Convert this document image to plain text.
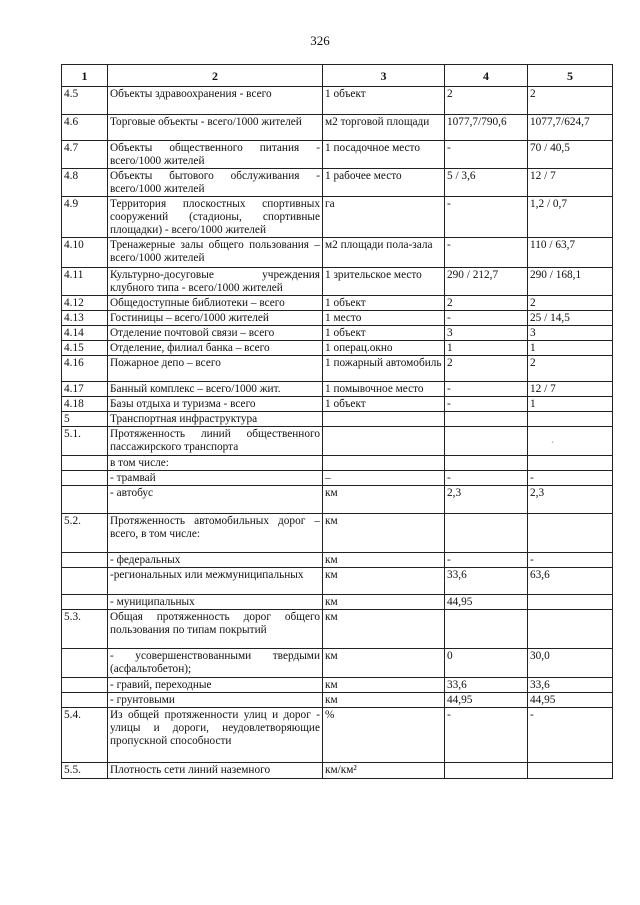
326
1	2	3	4	5
4.5	Объекты здравоохранения - всего	1 объект	2	2
4.6	Торговые объекты - всего/1000 жителей	м2 торговой площади	1077,7/790,6	1077,7/624,7
4.7	Объекты общественного питания - всего/1000 жителей	1 посадочное место	-	70 / 40,5
4.8	Объекты бытового обслуживания - всего/1000 жителей	1 рабочее место	5 / 3,6	12 / 7
4.9	Территория плоскостных спортивных сооружений (стадионы, спортивные площадки) - всего/1000 жителей	га	-	1,2 / 0,7
4.10	Тренажерные залы общего пользования – всего/1000 жителей	м2 площади пола-зала	-	110 / 63,7
4.11	Культурно-досуговые учреждения клубного типа - всего/1000 жителей	1 зрительское место	290 / 212,7	290 / 168,1
4.12	Общедоступные библиотеки – всего	1 объект	2	2
4.13	Гостиницы – всего/1000 жителей	1 место	-	25 / 14,5
4.14	Отделение почтовой связи – всего	1 объект	3	3
4.15	Отделение, филиал банка – всего	1 операц.окно	1	1
4.16	Пожарное депо – всего	1 пожарный автомобиль	2	2
4.17	Банный комплекс – всего/1000 жит.	1 помывочное место	-	12 / 7
4.18	Базы отдыха и туризма - всего	1 объект	-	1
5	Транспортная инфраструктура			
5.1.	Протяженность линий общественного пассажирского транспорта			
	в том числе:			
	- трамвай	–	-	-
	- автобус	км	2,3	2,3
5.2.	Протяженность автомобильных дорог – всего, в том числе:	км		
	- федеральных	км	-	-
	-региональных или межмуниципальных	км	33,6	63,6
	- муниципальных	км	44,95	
5.3.	Общая протяженность дорог общего пользования по типам покрытий	км		
	- усовершенствованными твердыми (асфальтобетон);	км	0	30,0
	- гравий, переходные	км	33,6	33,6
	- грунтовыми	км	44,95	44,95
5.4.	Из общей протяженности улиц и дорог - улицы и дороги, неудовлетворяющие пропускной способности	%	-	-
5.5.	Плотность сети линий наземного	км/км²		
´
